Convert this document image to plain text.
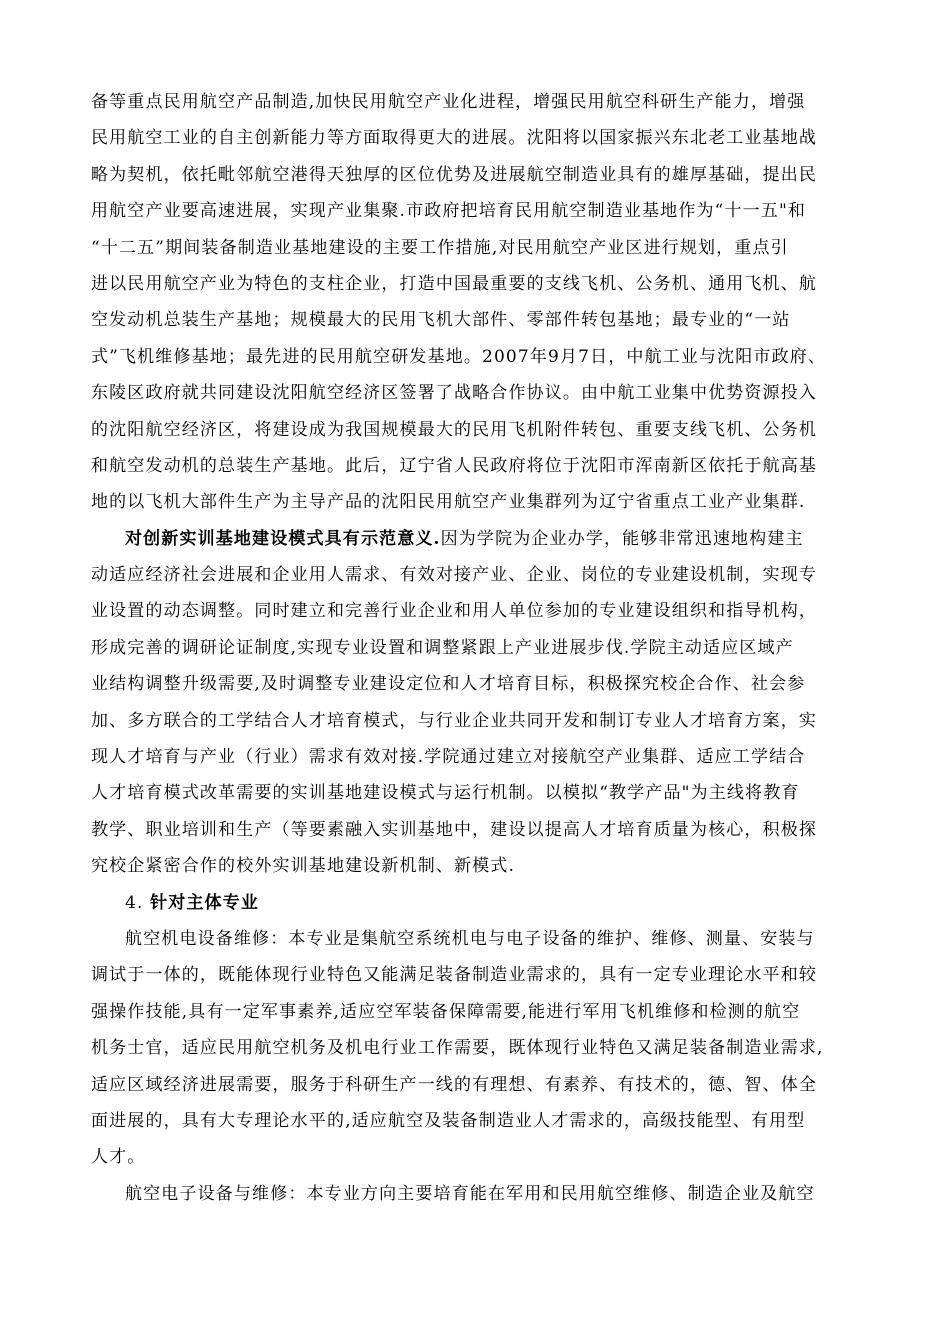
备等重点民用航空产品制造,加快民用航空产业化进程，增强民用航空科研生产能力，增强
民用航空工业的自主创新能力等方面取得更大的进展。沈阳将以国家振兴东北老工业基地战
略为契机，依托毗邻航空港得天独厚的区位优势及进展航空制造业具有的雄厚基础，提出民
用航空产业要高速进展，实现产业集聚.市政府把培育民用航空制造业基地作为“十一五"和
“十二五”期间装备制造业基地建设的主要工作措施,对民用航空产业区进行规划，重点引
进以民用航空产业为特色的支柱企业，打造中国最重要的支线飞机、公务机、通用飞机、航
空发动机总装生产基地；规模最大的民用飞机大部件、零部件转包基地；最专业的“一站
式”飞机维修基地；最先进的民用航空研发基地。2007年9月7日，中航工业与沈阳市政府、
东陵区政府就共同建设沈阳航空经济区签署了战略合作协议。由中航工业集中优势资源投入
的沈阳航空经济区，将建设成为我国规模最大的民用飞机附件转包、重要支线飞机、公务机
和航空发动机的总装生产基地。此后，辽宁省人民政府将位于沈阳市浑南新区依托于航高基
地的以飞机大部件生产为主导产品的沈阳民用航空产业集群列为辽宁省重点工业产业集群.
对创新实训基地建设模式具有示范意义.因为学院为企业办学，能够非常迅速地构建主
动适应经济社会进展和企业用人需求、有效对接产业、企业、岗位的专业建设机制，实现专
业设置的动态调整。同时建立和完善行业企业和用人单位参加的专业建设组织和指导机构，
形成完善的调研论证制度,实现专业设置和调整紧跟上产业进展步伐.学院主动适应区域产
业结构调整升级需要,及时调整专业建设定位和人才培育目标，积极探究校企合作、社会参
加、多方联合的工学结合人才培育模式，与行业企业共同开发和制订专业人才培育方案，实
现人才培育与产业（行业）需求有效对接.学院通过建立对接航空产业集群、适应工学结合
人才培育模式改革需要的实训基地建设模式与运行机制。以模拟“教学产品"为主线将教育
教学、职业培训和生产（等要素融入实训基地中，建设以提高人才培育质量为核心，积极探
究校企紧密合作的校外实训基地建设新机制、新模式.
4. 针对主体专业
航空机电设备维修：本专业是集航空系统机电与电子设备的维护、维修、测量、安装与
调试于一体的，既能体现行业特色又能满足装备制造业需求的，具有一定专业理论水平和较
强操作技能,具有一定军事素养,适应空军装备保障需要,能进行军用飞机维修和检测的航空
机务士官，适应民用航空机务及机电行业工作需要，既体现行业特色又满足装备制造业需求,
适应区域经济进展需要，服务于科研生产一线的有理想、有素养、有技术的，德、智、体全
面进展的，具有大专理论水平的,适应航空及装备制造业人才需求的，高级技能型、有用型
人才。
航空电子设备与维修：本专业方向主要培育能在军用和民用航空维修、制造企业及航空
